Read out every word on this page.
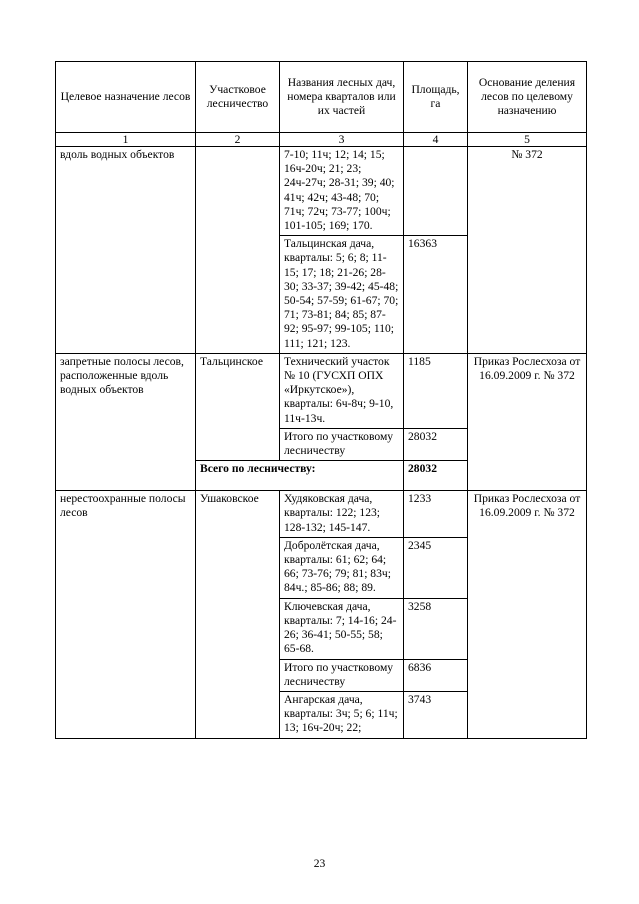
Целевое назначение лесов	Участковое лесничество	Названия лесных дач, номера кварталов или их частей	Площадь, га	Основание деления лесов по целевому назначению
1	2	3	4	5
вдоль водных объектов		7-10; 11ч; 12; 14; 15; 16ч-20ч; 21; 23; 24ч-27ч; 28-31; 39; 40; 41ч; 42ч; 43-48; 70; 71ч; 72ч; 73-77; 100ч; 101-105; 169; 170.		№ 372
		Тальцинская дача, кварталы: 5; 6; 8; 11-15; 17; 18; 21-26; 28-30; 33-37; 39-42; 45-48; 50-54; 57-59; 61-67; 70; 71; 73-81; 84; 85; 87-92; 95-97; 99-105; 110; 111; 121; 123.	16363	
запретные полосы лесов, расположенные вдоль водных объектов	Тальцинское	Технический участок № 10 (ГУСХП ОПХ «Иркутское»), кварталы: 6ч-8ч; 9-10, 11ч-13ч.	1185	Приказ Рослесхоза от 16.09.2009 г. № 372
		Итого по участковому лесничеству	28032	
	Всего по лесничеству:		28032	
нерестоохранные полосы лесов	Ушаковское	Худяковская дача, кварталы: 122; 123; 128-132; 145-147.	1233	Приказ Рослесхоза от 16.09.2009 г. № 372
		Добролётская дача, кварталы: 61; 62; 64; 66; 73-76; 79; 81; 83ч; 84ч.; 85-86; 88; 89.	2345	
		Ключевская дача, кварталы: 7; 14-16; 24-26; 36-41; 50-55; 58; 65-68.	3258	
		Итого по участковому лесничеству	6836	
		Ангарская дача, кварталы: 3ч; 5; 6; 11ч; 13; 16ч-20ч; 22;	3743	
23
